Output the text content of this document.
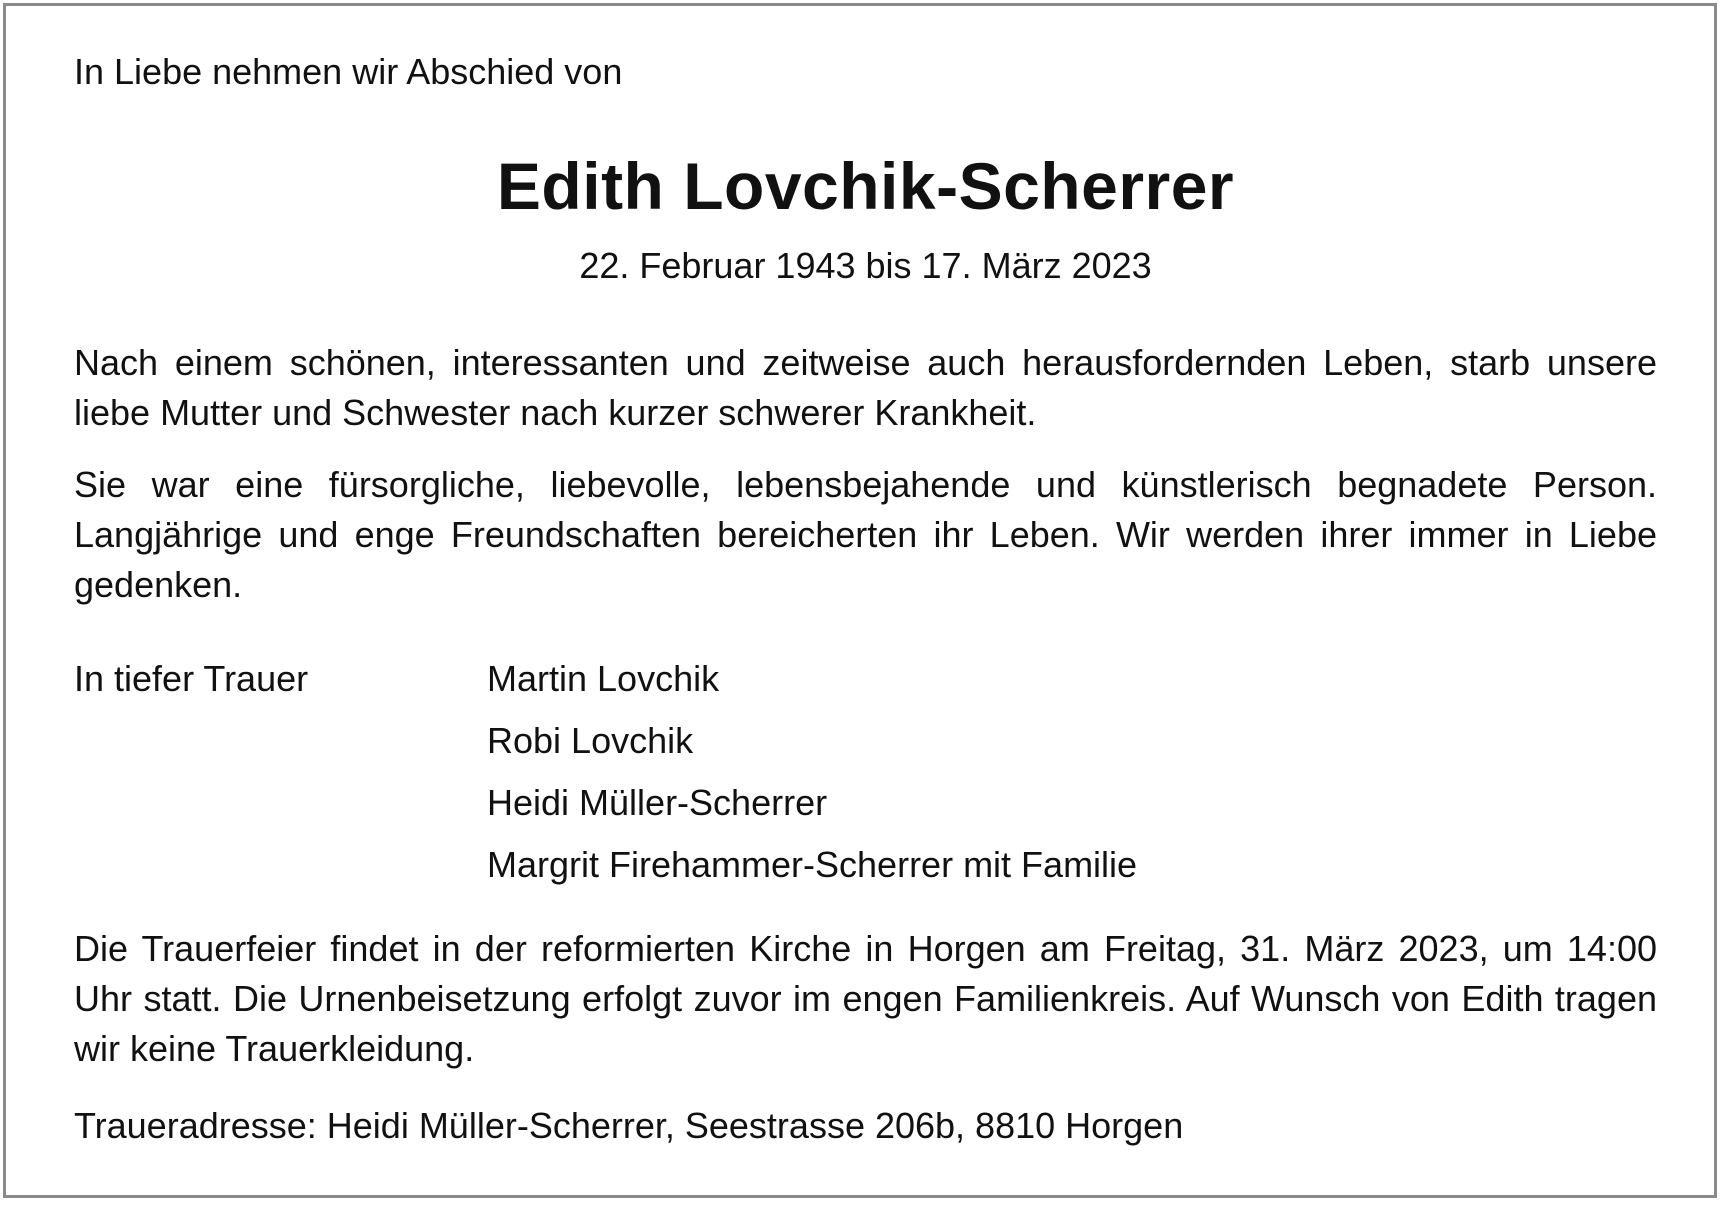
In Liebe nehmen wir Abschied von

Edith Lovchik-Scherrer

22. Februar 1943 bis 17. März 2023

Nach einem schönen, interessanten und zeitweise auch herausfordernden Leben, starb unsere liebe Mutter und Schwester nach kurzer schwerer Krankheit.

Sie war eine fürsorgliche, liebevolle, lebensbejahende und künstlerisch begnadete Person. Langjährige und enge Freundschaften bereicherten ihr Leben. Wir werden ihrer immer in Liebe gedenken.

In tiefer Trauer	Martin Lovchik
Robi Lovchik
Heidi Müller-Scherrer
Margrit Firehammer-Scherrer mit Familie

Die Trauerfeier findet in der reformierten Kirche in Horgen am Freitag, 31. März 2023, um 14:00 Uhr statt. Die Urnenbeisetzung erfolgt zuvor im engen Familienkreis. Auf Wunsch von Edith tragen wir keine Trauerkleidung.

Traueradresse: Heidi Müller-Scherrer, Seestrasse 206b, 8810 Horgen
